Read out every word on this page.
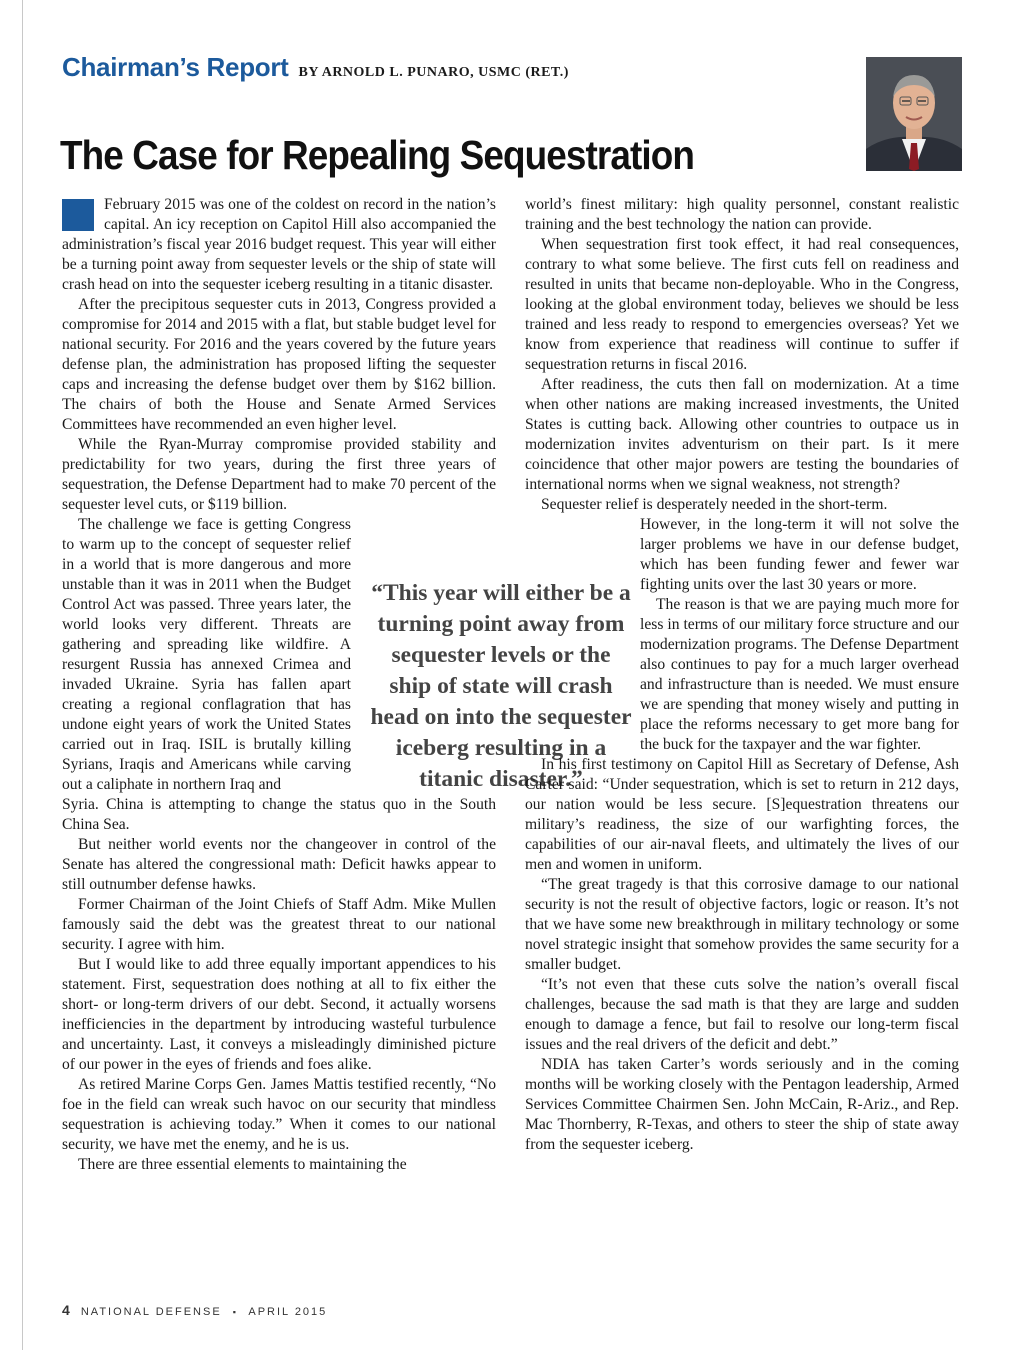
Chairman’s Report BY ARNOLD L. PUNARO, USMC (RET.)
The Case for Repealing Sequestration

February 2015 was one of the coldest on record in the nation’s capital. An icy reception on Capitol Hill also accompanied the administration’s fiscal year 2016 budget request. This year will either be a turning point away from sequester levels or the ship of state will crash head on into the sequester iceberg resulting in a titanic disaster.

After the precipitous sequester cuts in 2013, Congress provided a compromise for 2014 and 2015 with a flat, but stable budget level for national security. For 2016 and the years covered by the future years defense plan, the administration has proposed lifting the sequester caps and increasing the defense budget over them by $162 billion. The chairs of both the House and Senate Armed Services Committees have recommended an even higher level.

While the Ryan-Murray compromise provided stability and predictability for two years, during the first three years of sequestration, the Defense Department had to make 70 percent of the sequester level cuts, or $119 billion.

The challenge we face is getting Congress to warm up to the concept of sequester relief in a world that is more dangerous and more unstable than it was in 2011 when the Budget Control Act was passed. Three years later, the world looks very different. Threats are gathering and spreading like wildfire. A resurgent Russia has annexed Crimea and invaded Ukraine. Syria has fallen apart creating a regional conflagration that has undone eight years of work the United States carried out in Iraq. ISIL is brutally killing Syrians, Iraqis and Americans while carving out a caliphate in northern Iraq and

Syria. China is attempting to change the status quo in the South China Sea.

But neither world events nor the changeover in control of the Senate has altered the congressional math: Deficit hawks appear to still outnumber defense hawks.

Former Chairman of the Joint Chiefs of Staff Adm. Mike Mullen famously said the debt was the greatest threat to our national security. I agree with him.

But I would like to add three equally important appendices to his statement. First, sequestration does nothing at all to fix either the short- or long-term drivers of our debt. Second, it actually worsens inefficiencies in the department by introducing wasteful turbulence and uncertainty. Last, it conveys a misleadingly diminished picture of our power in the eyes of friends and foes alike.

As retired Marine Corps Gen. James Mattis testified recently, “No foe in the field can wreak such havoc on our security that mindless sequestration is achieving today.” When it comes to our national security, we have met the enemy, and he is us.

There are three essential elements to maintaining the

“This year will either be a turning point away from sequester levels or the ship of state will crash head on into the sequester iceberg resulting in a titanic disaster.”

world’s finest military: high quality personnel, constant realistic training and the best technology the nation can provide.

When sequestration first took effect, it had real consequences, contrary to what some believe. The first cuts fell on readiness and resulted in units that became non-deployable. Who in the Congress, looking at the global environment today, believes we should be less trained and less ready to respond to emergencies overseas? Yet we know from experience that readiness will continue to suffer if sequestration returns in fiscal 2016.

After readiness, the cuts then fall on modernization. At a time when other nations are making increased investments, the United States is cutting back. Allowing other countries to outpace us in modernization invites adventurism on their part. Is it mere coincidence that other major powers are testing the boundaries of international norms when we signal weakness, not strength?

Sequester relief is desperately needed in the short-term.

However, in the long-term it will not solve the larger problems we have in our defense budget, which has been funding fewer and fewer war fighting units over the last 30 years or more.

The reason is that we are paying much more for less in terms of our military force structure and our modernization programs. The Defense Department also continues to pay for a much larger overhead and infrastructure than is needed. We must ensure we are spending that money wisely and putting in place the reforms necessary to get more bang for the buck for the taxpayer and the war fighter.

In his first testimony on Capitol Hill as Secretary of Defense, Ash Carter said: “Under sequestration, which is set to return in 212 days, our nation would be less secure. [S]equestration threatens our military’s readiness, the size of our warfighting forces, the capabilities of our air-naval fleets, and ultimately the lives of our men and women in uniform.

“The great tragedy is that this corrosive damage to our national security is not the result of objective factors, logic or reason. It’s not that we have some new breakthrough in military technology or some novel strategic insight that somehow provides the same security for a smaller budget.

“It’s not even that these cuts solve the nation’s overall fiscal challenges, because the sad math is that they are large and sudden enough to damage a fence, but fail to resolve our long-term fiscal issues and the real drivers of the deficit and debt.”

NDIA has taken Carter’s words seriously and in the coming months will be working closely with the Pentagon leadership, Armed Services Committee Chairmen Sen. John McCain, R-Ariz., and Rep. Mac Thornberry, R-Texas, and others to steer the ship of state away from the sequester iceberg.

4 NATIONAL DEFENSE ▪ APRIL 2015
